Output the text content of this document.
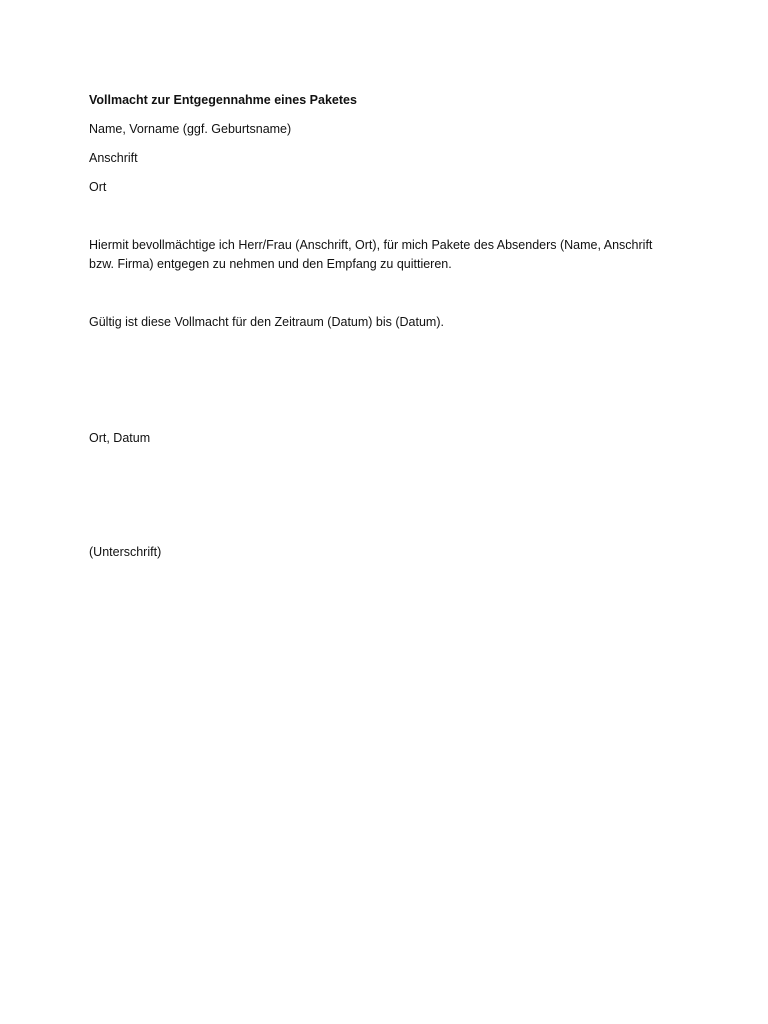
Vollmacht zur Entgegennahme eines Paketes
Name, Vorname (ggf. Geburtsname)
Anschrift
Ort
Hiermit bevollmächtige ich Herr/Frau (Anschrift, Ort), für mich Pakete des Absenders (Name, Anschrift bzw. Firma) entgegen zu nehmen und den Empfang zu quittieren.
Gültig ist diese Vollmacht für den Zeitraum (Datum) bis (Datum).
Ort, Datum
(Unterschrift)
